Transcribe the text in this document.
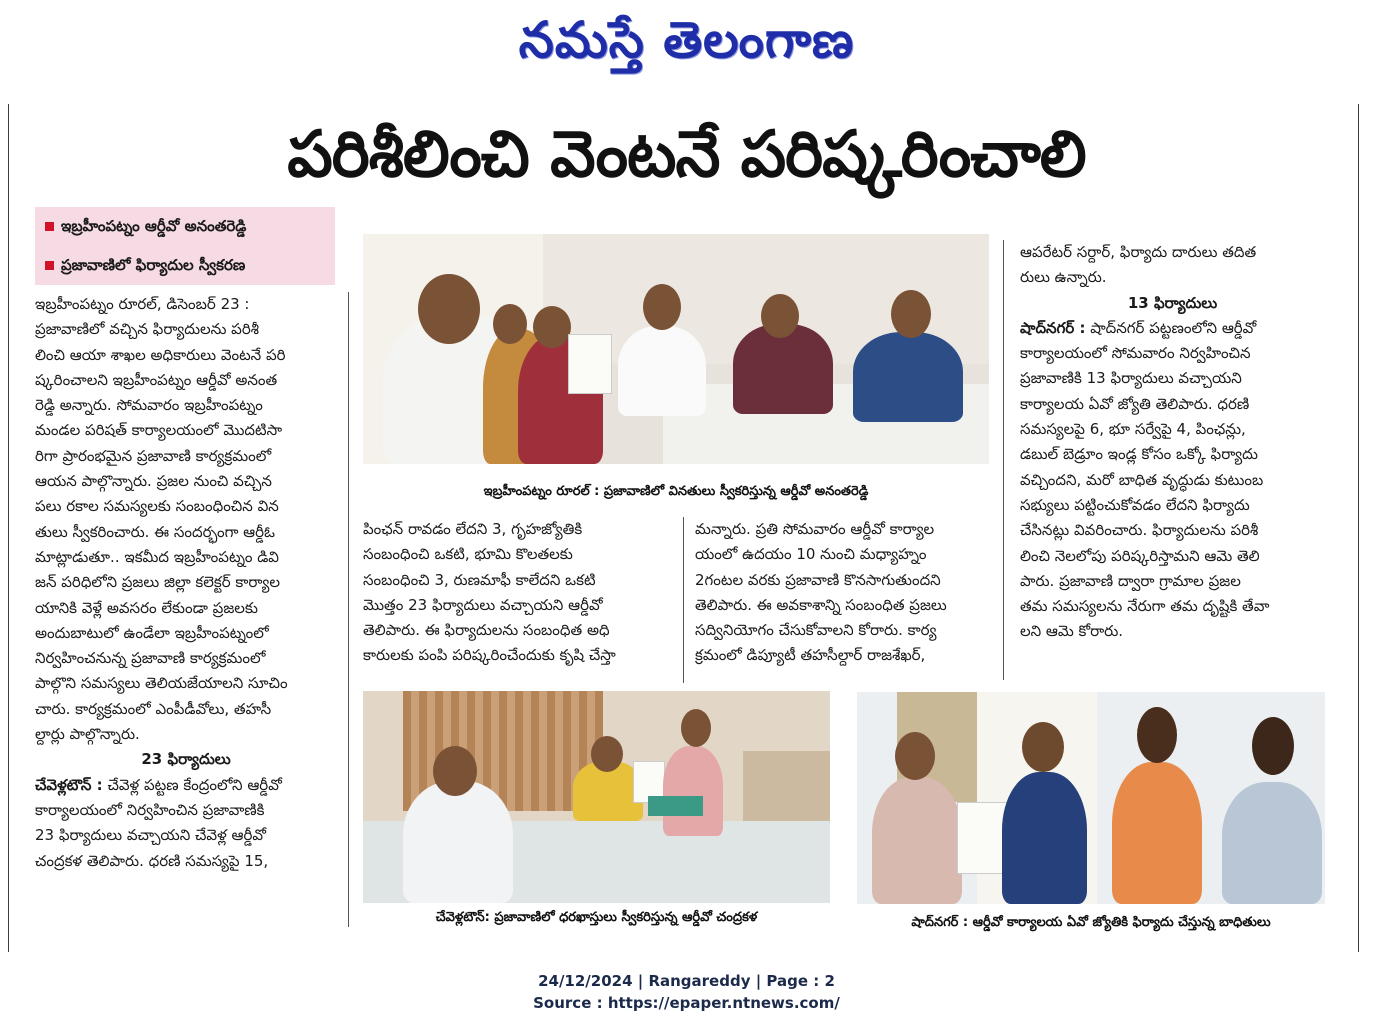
నమస్తే తెలంగాణ
పరిశీలించి వెంటనే పరిష్కరించాలి
ఇబ్రహీంపట్నం ఆర్డీవో అనంతరెడ్డి
ప్రజావాణిలో ఫిర్యాదుల స్వీకరణ
ఇబ్రహీంపట్నం రూరల్, డిసెంబర్ 23 :
ప్రజావాణిలో వచ్చిన ఫిర్యాదులను పరిశీ
లించి ఆయా శాఖల అధికారులు వెంటనే పరి
ష్కరించాలని ఇబ్రహీంపట్నం ఆర్డీవో అనంత
రెడ్డి అన్నారు. సోమవారం ఇబ్రహీంపట్నం
మండల పరిషత్ కార్యాలయంలో మొదటిసా
రిగా ప్రారంభమైన ప్రజావాణి కార్యక్రమంలో
ఆయన పాల్గొన్నారు. ప్రజల నుంచి వచ్చిన
పలు రకాల సమస్యలకు సంబంధించిన విన
తులు స్వీకరించారు. ఈ సందర్భంగా ఆర్డీఓ
మాట్లాడుతూ.. ఇకమీద ఇబ్రహీంపట్నం డివి
జన్ పరిధిలోని ప్రజలు జిల్లా కలెక్టర్ కార్యాల
యానికి వెళ్లే అవసరం లేకుండా ప్రజలకు
అందుబాటులో ఉండేలా ఇబ్రహీంపట్నంలో
నిర్వహించనున్న ప్రజావాణి కార్యక్రమంలో
పాల్గొని సమస్యలు తెలియజేయాలని సూచిం
చారు. కార్యక్రమంలో ఎంపీడీవోలు, తహసీ
ల్దార్లు పాల్గొన్నారు.
23 ఫిర్యాదులు
చేవెళ్లటౌన్ : చేవెళ్ల పట్టణ కేంద్రంలోని ఆర్డీవో
కార్యాలయంలో నిర్వహించిన ప్రజావాణికి
23 ఫిర్యాదులు వచ్చాయని చేవెళ్ల ఆర్డీవో
చంద్రకళ తెలిపారు. ధరణి సమస్యపై 15,
ఇబ్రహీంపట్నం రూరల్ : ప్రజావాణిలో వినతులు స్వీకరిస్తున్న ఆర్డీవో అనంతరెడ్డి
పింఛన్ రావడం లేదని 3, గృహజ్యోతికి
సంబంధించి ఒకటి, భూమి కొలతలకు
సంబంధించి 3, రుణమాఫీ కాలేదని ఒకటి
మొత్తం 23 ఫిర్యాదులు వచ్చాయని ఆర్డీవో
తెలిపారు. ఈ ఫిర్యాదులను సంబంధిత అధి
కారులకు పంపి పరిష్కరించేందుకు కృషి చేస్తా
మన్నారు. ప్రతి సోమవారం ఆర్డీవో కార్యాల
యంలో ఉదయం 10 నుంచి మధ్యాహ్నం
2గంటల వరకు ప్రజావాణి కొనసాగుతుందని
తెలిపారు. ఈ అవకాశాన్ని సంబంధిత ప్రజలు
సద్వినియోగం చేసుకోవాలని కోరారు. కార్య
క్రమంలో డిప్యూటీ తహసీల్దార్ రాజశేఖర్,
ఆపరేటర్ సర్దార్, ఫిర్యాదు దారులు తదిత
రులు ఉన్నారు.
13 ఫిర్యాదులు
షాద్‌నగర్ : షాద్‌నగర్ పట్టణంలోని ఆర్డీవో
కార్యాలయంలో సోమవారం నిర్వహించిన
ప్రజావాణికి 13 ఫిర్యాదులు వచ్చాయని
కార్యాలయ ఏవో జ్యోతి తెలిపారు. ధరణి
సమస్యలపై 6, భూ సర్వేపై 4, పింఛన్లు,
డబుల్ బెడ్రూం ఇండ్ల కోసం ఒక్కో ఫిర్యాదు
వచ్చిందని, మరో బాధిత వృద్ధుడు కుటుంబ
సభ్యులు పట్టించుకోవడం లేదని ఫిర్యాదు
చేసినట్లు వివరించారు. ఫిర్యాదులను పరిశీ
లించి నెలలోపు పరిష్కరిస్తామని ఆమె తెలి
పారు. ప్రజావాణి ద్వారా గ్రామాల ప్రజల
తమ సమస్యలను నేరుగా తమ దృష్టికి తేవా
లని ఆమె కోరారు.
చేవెళ్లటౌన్: ప్రజావాణిలో ధరఖాస్తులు స్వీకరిస్తున్న ఆర్డీవో చంద్రకళ	షాద్‌నగర్ : ఆర్డీవో కార్యాలయ ఏవో జ్యోతికి ఫిర్యాదు చేస్తున్న బాధితులు
24/12/2024 | Rangareddy | Page : 2
Source : https://epaper.ntnews.com/
